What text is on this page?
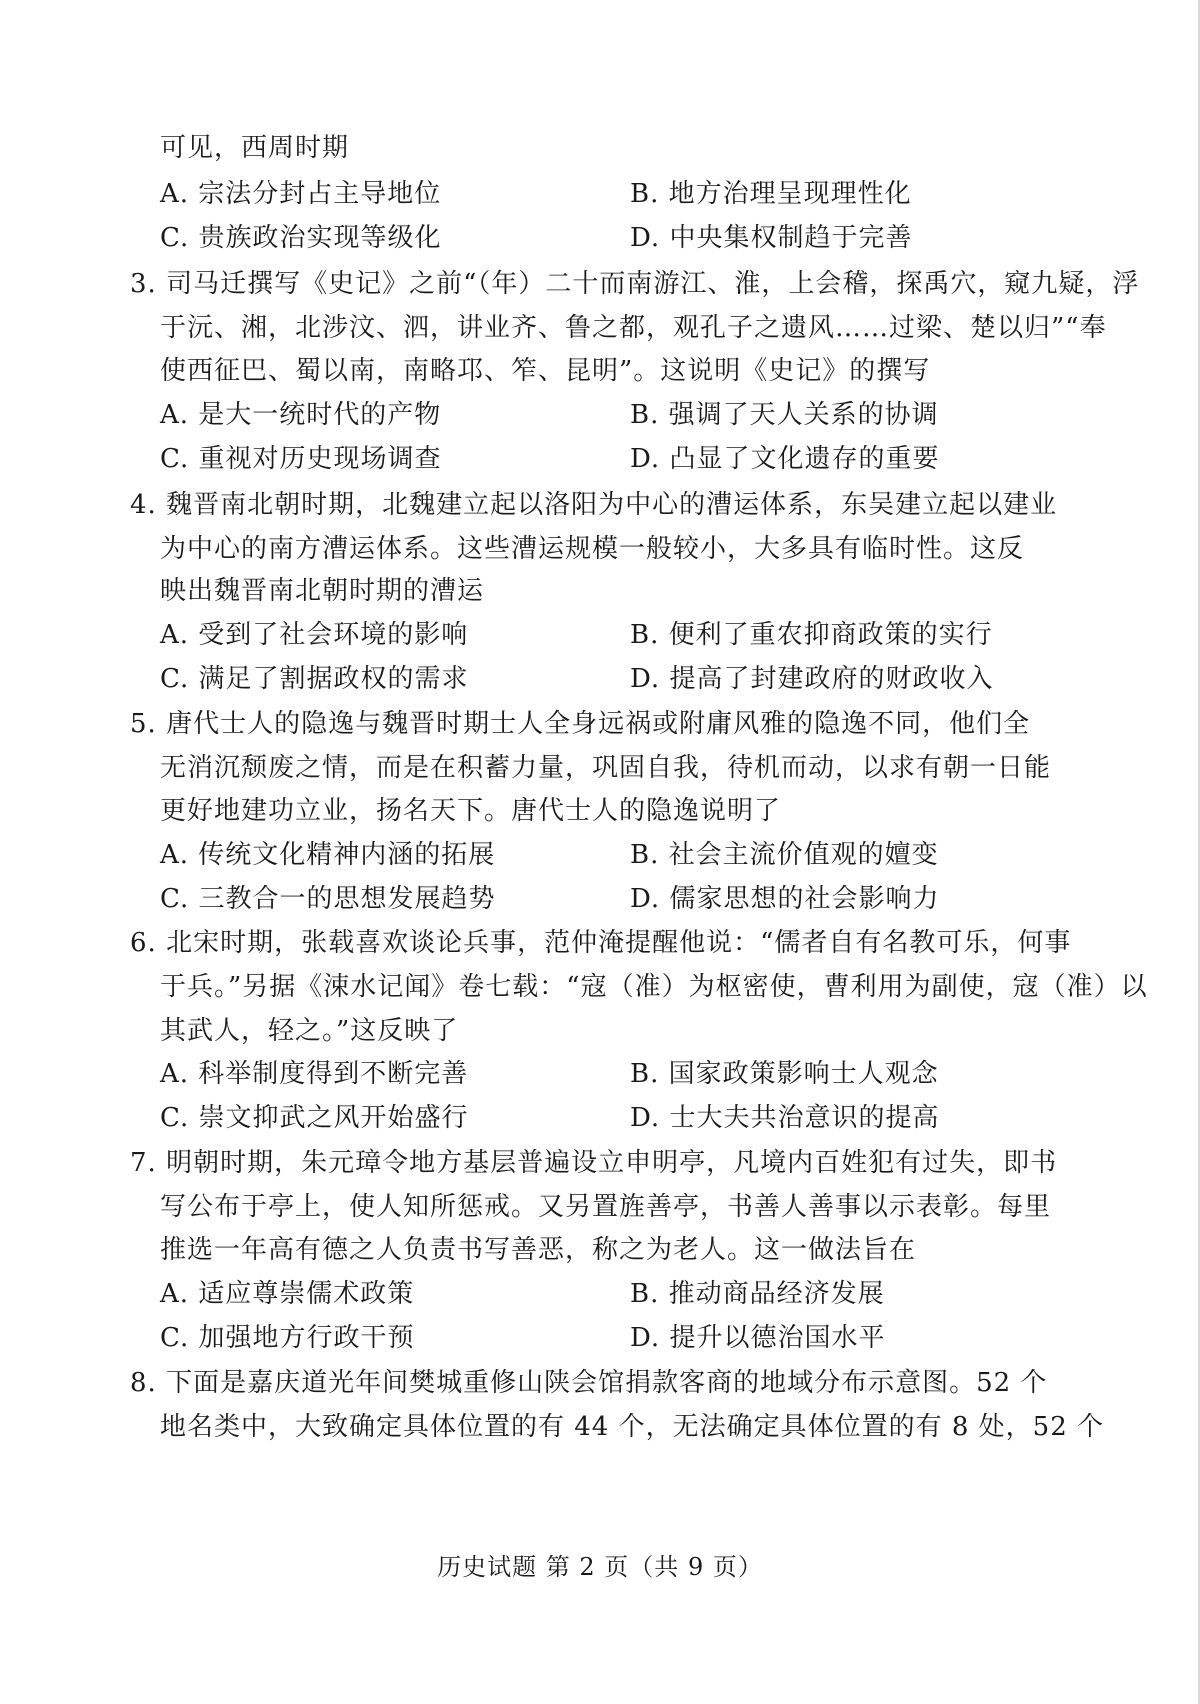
可见，西周时期
A. 宗法分封占主导地位	B. 地方治理呈现理性化
C. 贵族政治实现等级化	D. 中央集权制趋于完善
3. 司马迁撰写《史记》之前“（年）二十而南游江、淮，上会稽，探禹穴，窥九疑，浮
于沅、湘，北涉汶、泗，讲业齐、鲁之都，观孔子之遗风……过梁、楚以归”“奉
使西征巴、蜀以南，南略邛、笮、昆明”。这说明《史记》的撰写
A. 是大一统时代的产物	B. 强调了天人关系的协调
C. 重视对历史现场调查	D. 凸显了文化遗存的重要
4. 魏晋南北朝时期，北魏建立起以洛阳为中心的漕运体系，东吴建立起以建业
为中心的南方漕运体系。这些漕运规模一般较小，大多具有临时性。这反
映出魏晋南北朝时期的漕运
A. 受到了社会环境的影响	B. 便利了重农抑商政策的实行
C. 满足了割据政权的需求	D. 提高了封建政府的财政收入
5. 唐代士人的隐逸与魏晋时期士人全身远祸或附庸风雅的隐逸不同，他们全
无消沉颓废之情，而是在积蓄力量，巩固自我，待机而动，以求有朝一日能
更好地建功立业，扬名天下。唐代士人的隐逸说明了
A. 传统文化精神内涵的拓展	B. 社会主流价值观的嬗变
C. 三教合一的思想发展趋势	D. 儒家思想的社会影响力
6. 北宋时期，张载喜欢谈论兵事，范仲淹提醒他说：“儒者自有名教可乐，何事
于兵。”另据《涑水记闻》卷七载：“寇（准）为枢密使，曹利用为副使，寇（准）以
其武人，轻之。”这反映了
A. 科举制度得到不断完善	B. 国家政策影响士人观念
C. 崇文抑武之风开始盛行	D. 士大夫共治意识的提高
7. 明朝时期，朱元璋令地方基层普遍设立申明亭，凡境内百姓犯有过失，即书
写公布于亭上，使人知所惩戒。又另置旌善亭，书善人善事以示表彰。每里
推选一年高有德之人负责书写善恶，称之为老人。这一做法旨在
A. 适应尊崇儒术政策	B. 推动商品经济发展
C. 加强地方行政干预	D. 提升以德治国水平
8. 下面是嘉庆道光年间樊城重修山陕会馆捐款客商的地域分布示意图。52 个
地名类中，大致确定具体位置的有 44 个，无法确定具体位置的有 8 处，52 个
历史试题 第 2 页（共 9 页）
